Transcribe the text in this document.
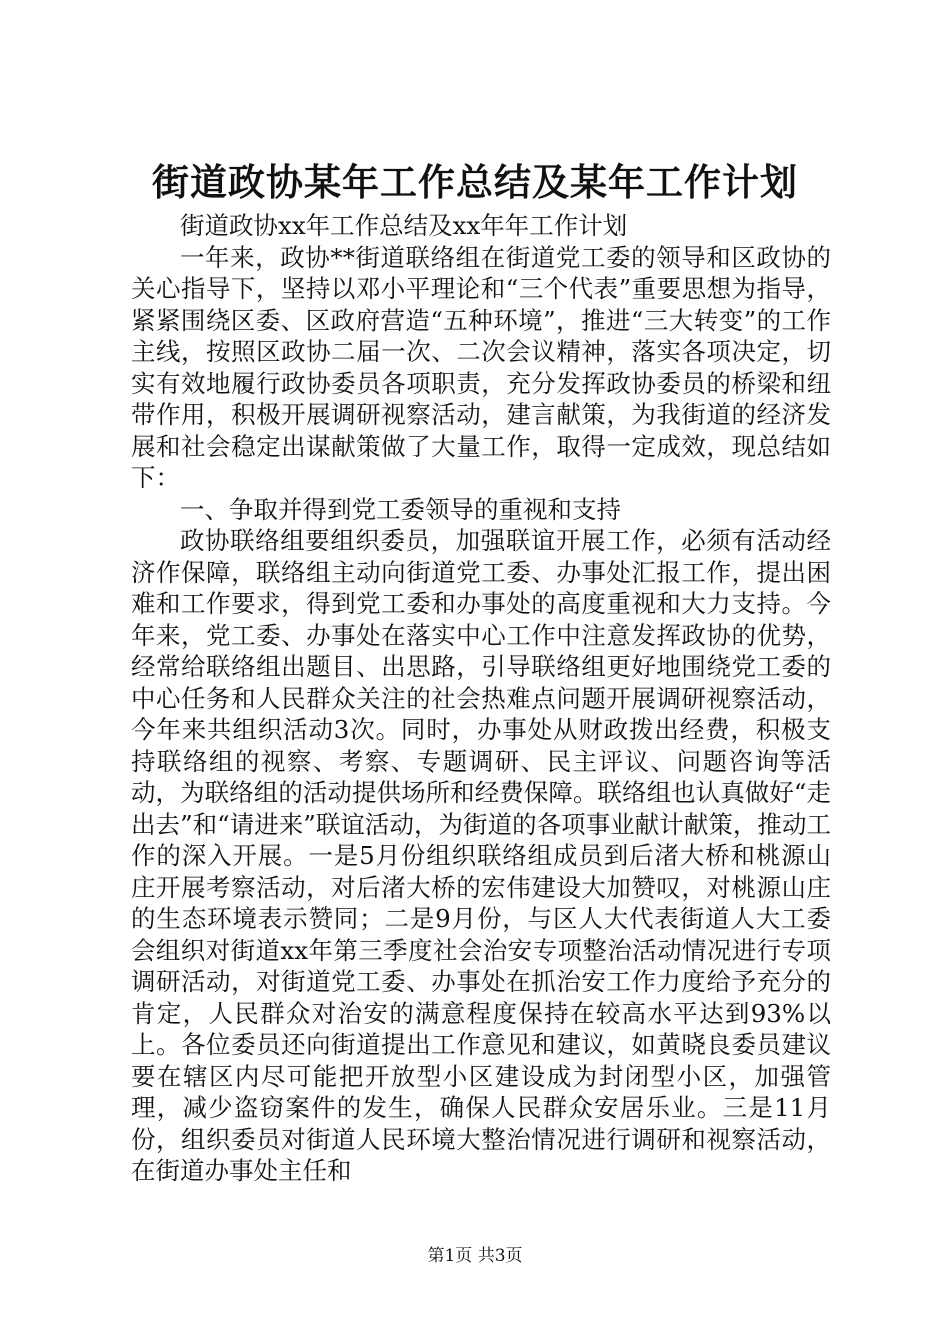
街道政协某年工作总结及某年工作计划

街道政协xx年工作总结及xx年年工作计划

一年来，政协**街道联络组在街道党工委的领导和区政协的关心指导下，坚持以邓小平理论和“三个代表”重要思想为指导，紧紧围绕区委、区政府营造“五种环境”，推进“三大转变”的工作主线，按照区政协二届一次、二次会议精神，落实各项决定，切实有效地履行政协委员各项职责，充分发挥政协委员的桥梁和纽带作用，积极开展调研视察活动，建言献策，为我街道的经济发展和社会稳定出谋献策做了大量工作，取得一定成效，现总结如下：

一、争取并得到党工委领导的重视和支持

政协联络组要组织委员，加强联谊开展工作，必须有活动经济作保障，联络组主动向街道党工委、办事处汇报工作，提出困难和工作要求，得到党工委和办事处的高度重视和大力支持。今年来，党工委、办事处在落实中心工作中注意发挥政协的优势，经常给联络组出题目、出思路，引导联络组更好地围绕党工委的中心任务和人民群众关注的社会热难点问题开展调研视察活动，今年来共组织活动3次。同时，办事处从财政拨出经费，积极支持联络组的视察、考察、专题调研、民主评议、问题咨询等活动，为联络组的活动提供场所和经费保障。联络组也认真做好“走出去”和“请进来”联谊活动，为街道的各项事业献计献策，推动工作的深入开展。一是5月份组织联络组成员到后渚大桥和桃源山庄开展考察活动，对后渚大桥的宏伟建设大加赞叹，对桃源山庄的生态环境表示赞同；二是9月份，与区人大代表街道人大工委会组织对街道xx年第三季度社会治安专项整治活动情况进行专项调研活动，对街道党工委、办事处在抓治安工作力度给予充分的肯定，人民群众对治安的满意程度保持在较高水平达到93%以上。各位委员还向街道提出工作意见和建议，如黄晓良委员建议要在辖区内尽可能把开放型小区建设成为封闭型小区，加强管理，减少盗窃案件的发生，确保人民群众安居乐业。三是11月份，组织委员对街道人民环境大整治情况进行调研和视察活动，在街道办事处主任和

第1页 共3页
